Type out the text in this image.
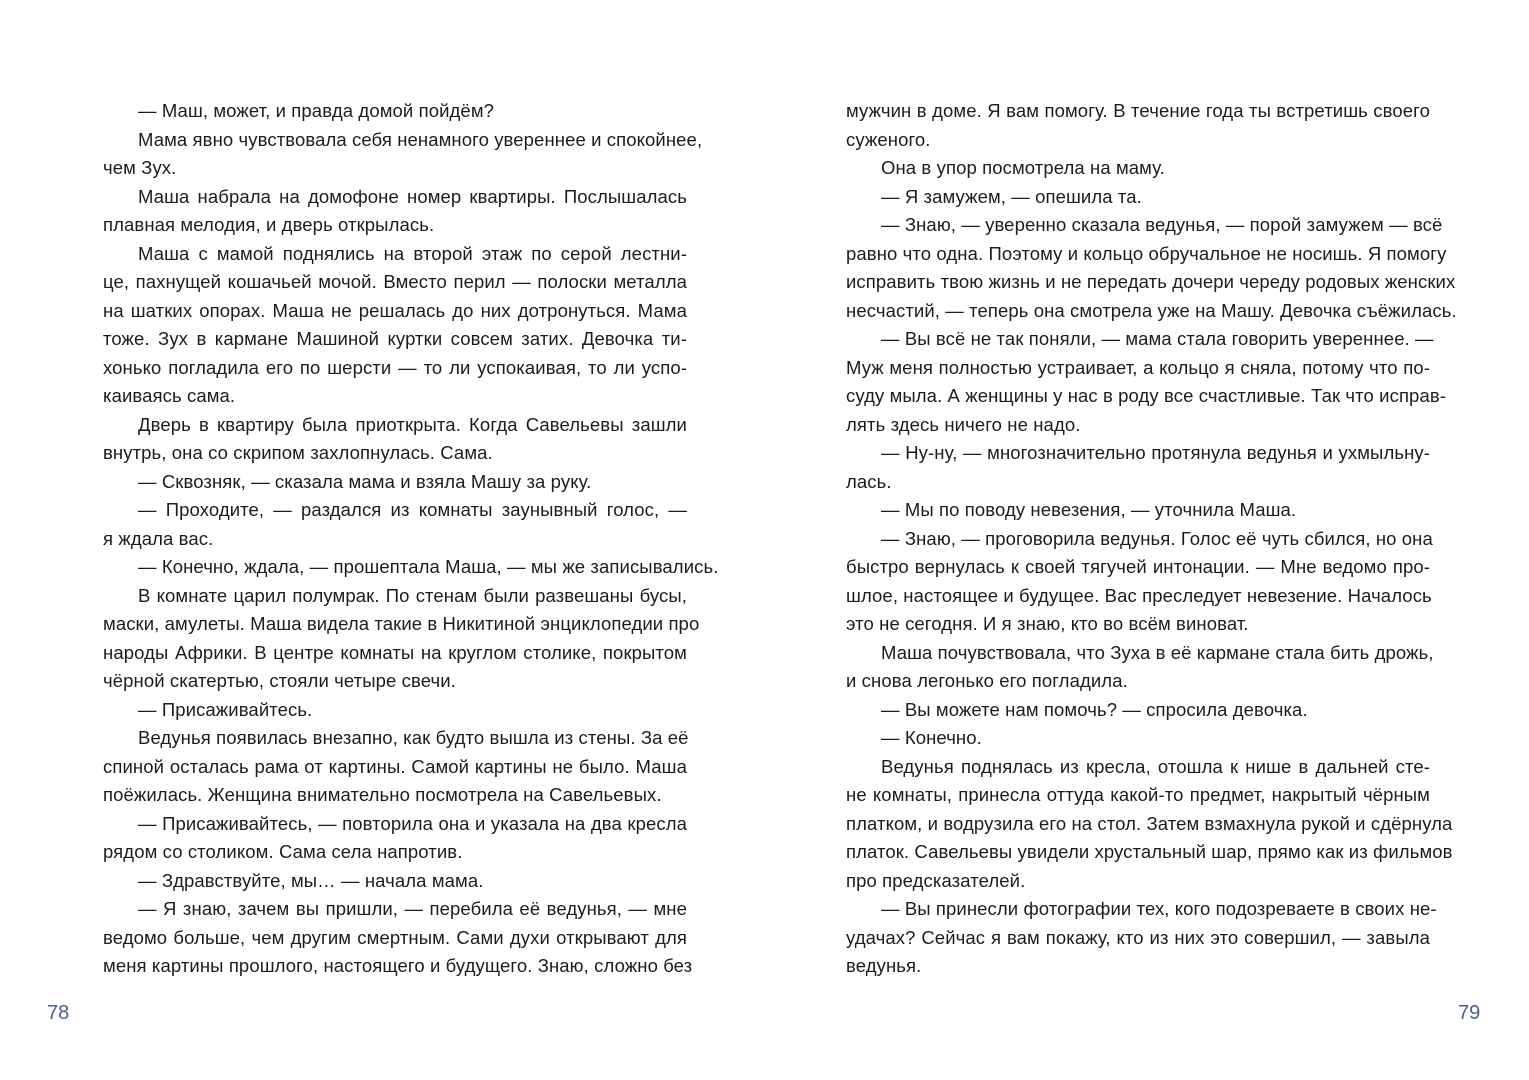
— Маш, может, и правда домой пойдём?
Мама явно чувствовала себя ненамного увереннее и спокойнее,
чем Зух.
Маша набрала на домофоне номер квартиры. Послышалась
плавная мелодия, и дверь открылась.
Маша с мамой поднялись на второй этаж по серой лестни-
це, пахнущей кошачьей мочой. Вместо перил — полоски металла
на шатких опорах. Маша не решалась до них дотронуться. Мама
тоже. Зух в кармане Машиной куртки совсем затих. Девочка ти-
хонько погладила его по шерсти — то ли успокаивая, то ли успо-
каиваясь сама.
Дверь в квартиру была приоткрыта. Когда Савельевы зашли
внутрь, она со скрипом захлопнулась. Сама.
— Сквозняк, — сказала мама и взяла Машу за руку.
— Проходите, — раздался из комнаты заунывный голос, —
я ждала вас.
— Конечно, ждала, — прошептала Маша, — мы же записывались.
В комнате царил полумрак. По стенам были развешаны бусы,
маски, амулеты. Маша видела такие в Никитиной энциклопедии про
народы Африки. В центре комнаты на круглом столике, покрытом
чёрной скатертью, стояли четыре свечи.
— Присаживайтесь.
Ведунья появилась внезапно, как будто вышла из стены. За её
спиной осталась рама от картины. Самой картины не было. Маша
поёжилась. Женщина внимательно посмотрела на Савельевых.
— Присаживайтесь, — повторила она и указала на два кресла
рядом со столиком. Сама села напротив.
— Здравствуйте, мы… — начала мама.
— Я знаю, зачем вы пришли, — перебила её ведунья, — мне
ведомо больше, чем другим смертным. Сами духи открывают для
меня картины прошлого, настоящего и будущего. Знаю, сложно без
мужчин в доме. Я вам помогу. В течение года ты встретишь своего
суженого.
Она в упор посмотрела на маму.
— Я замужем, — опешила та.
— Знаю, — уверенно сказала ведунья, — порой замужем — всё
равно что одна. Поэтому и кольцо обручальное не носишь. Я помогу
исправить твою жизнь и не передать дочери череду родовых женских
несчастий, — теперь она смотрела уже на Машу. Девочка съёжилась.
— Вы всё не так поняли, — мама стала говорить увереннее. —
Муж меня полностью устраивает, а кольцо я сняла, потому что по-
суду мыла. А женщины у нас в роду все счастливые. Так что исправ-
лять здесь ничего не надо.
— Ну-ну, — многозначительно протянула ведунья и ухмыльну-
лась.
— Мы по поводу невезения, — уточнила Маша.
— Знаю, — проговорила ведунья. Голос её чуть сбился, но она
быстро вернулась к своей тягучей интонации. — Мне ведомо про-
шлое, настоящее и будущее. Вас преследует невезение. Началось
это не сегодня. И я знаю, кто во всём виноват.
Маша почувствовала, что Зуха в её кармане стала бить дрожь,
и снова легонько его погладила.
— Вы можете нам помочь? — спросила девочка.
— Конечно.
Ведунья поднялась из кресла, отошла к нише в дальней сте-
не комнаты, принесла оттуда какой-то предмет, накрытый чёрным
платком, и водрузила его на стол. Затем взмахнула рукой и сдёрнула
платок. Савельевы увидели хрустальный шар, прямо как из фильмов
про предсказателей.
— Вы принесли фотографии тех, кого подозреваете в своих не-
удачах? Сейчас я вам покажу, кто из них это совершил, — завыла
ведунья.
78	79
